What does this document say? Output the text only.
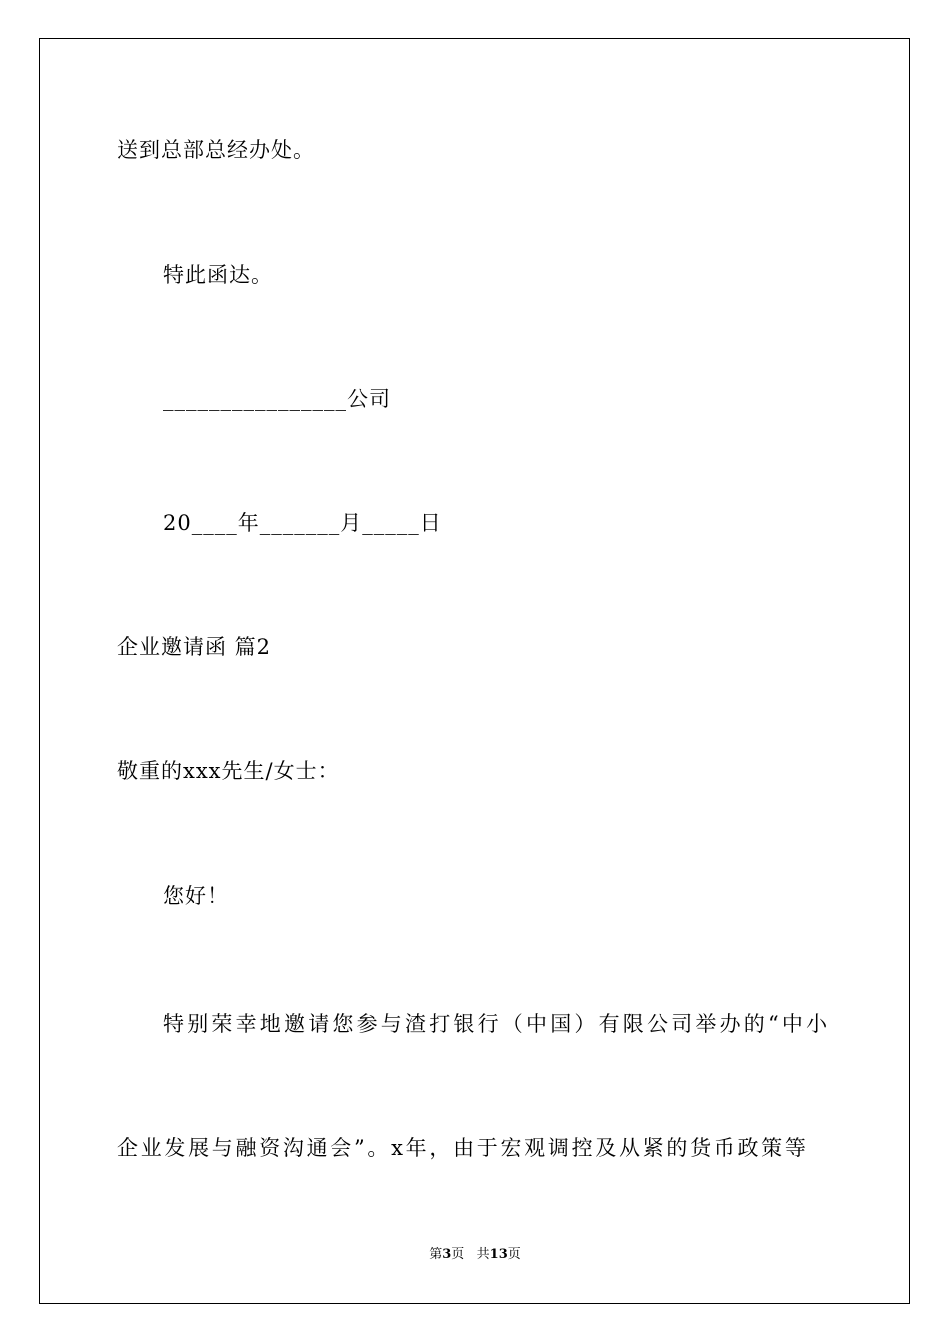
送到总部总经办处。
特此函达。
________________公司
20____年_______月_____日
企业邀请函 篇2
敬重的xxx先生/女士：
您好！
特别荣幸地邀请您参与渣打银行（中国）有限公司举办的“中小
企业发展与融资沟通会”。x年，由于宏观调控及从紧的货币政策等
第3页   共13页
